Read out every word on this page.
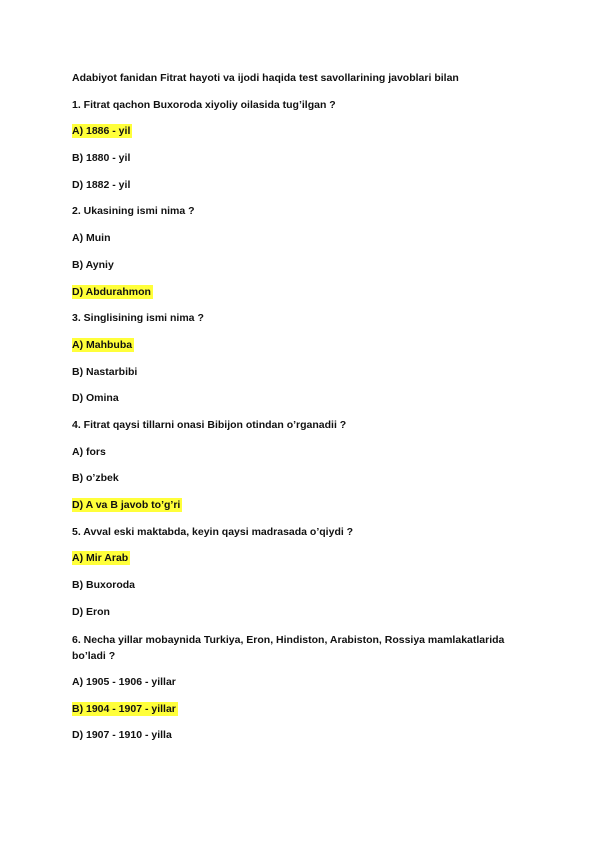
Adabiyot fanidan Fitrat hayoti va ijodi haqida test savollarining javoblari bilan
1. Fitrat qachon Buxoroda xiyoliy oilasida tug’ilgan ?
A) 1886 - yil
B) 1880 - yil
D) 1882 - yil
2. Ukasining ismi nima ?
A) Muin
B) Ayniy
D) Abdurahmon
3. Singlisining ismi nima ?
A) Mahbuba
B) Nastarbibi
D) Omina
4. Fitrat qaysi tillarni onasi Bibijon otindan o’rganadii ?
A) fors
B) o’zbek
D) A va B javob to’g’ri
5. Avval eski maktabda, keyin qaysi madrasada o’qiydi ?
A) Mir Arab
B) Buxoroda
D) Eron
6. Necha yillar mobaynida Turkiya, Eron, Hindiston, Arabiston, Rossiya mamlakatlarida bo’ladi ?
A) 1905 - 1906 - yillar
B) 1904 - 1907 - yillar
D) 1907 - 1910 - yilla
